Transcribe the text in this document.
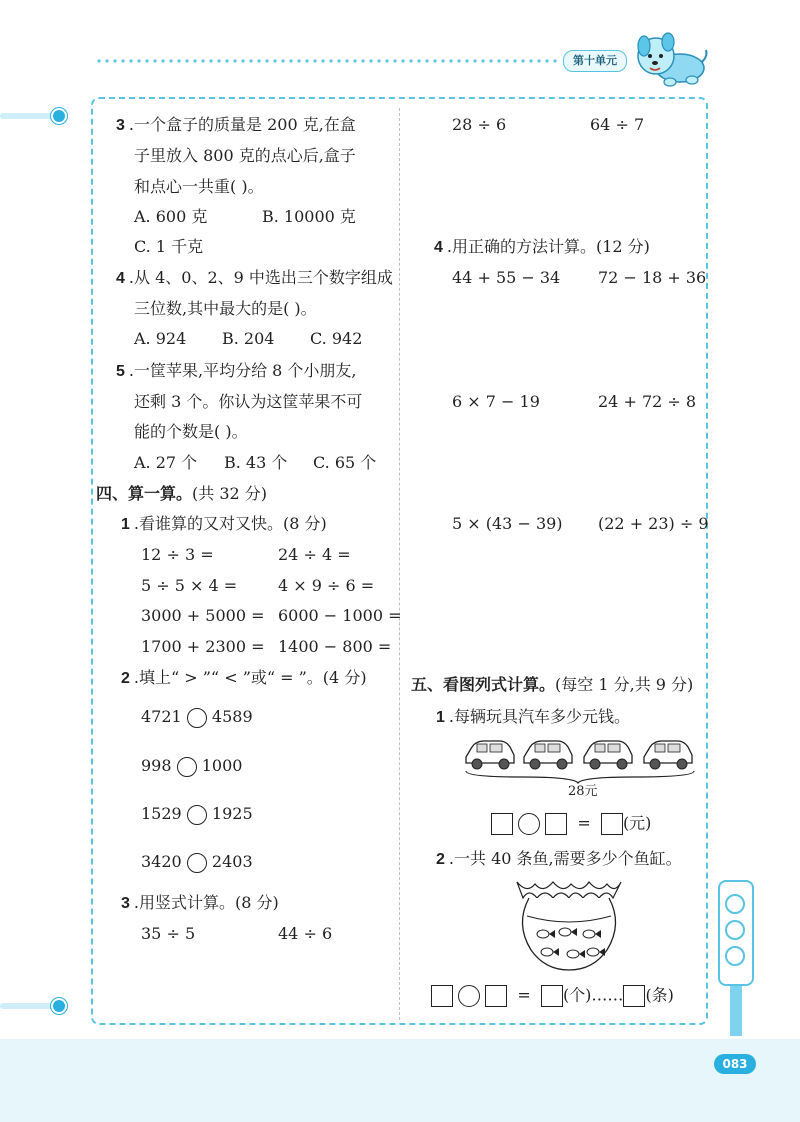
第十单元
3 .一个盒子的质量是 200 克,在盒
子里放入 800 克的点心后,盒子
和点心一共重( )。
A. 600 克	B. 10000 克
C. 1 千克
4 .从 4、0、2、9 中选出三个数字组成
三位数,其中最大的是( )。
A. 924 B. 204 C. 942
5 .一筐苹果,平均分给 8 个小朋友,
还剩 3 个。你认为这筐苹果不可
能的个数是( )。
A. 27 个 B. 43 个 C. 65 个
四、算一算。(共 32 分)
1 .看谁算的又对又快。(8 分)
12 ÷ 3 =	24 ÷ 4 =
5 ÷ 5 × 4 =	4 × 9 ÷ 6 =
3000 + 5000 = 6000 − 1000 =
1700 + 2300 = 1400 − 800 =
2 .填上“ > ”“ < ”或“ = ”。(4 分)
4721 4589
998 1000
1529 1925
3420 2403
3 .用竖式计算。(8 分)
35 ÷ 5	44 ÷ 6
28 ÷ 6	64 ÷ 7
4 .用正确的方法计算。(12 分)
44 + 55 − 34 72 − 18 + 36
6 × 7 − 19	24 + 72 ÷ 8
5 × (43 − 39) (22 + 23) ÷ 9
五、看图列式计算。(每空 1 分,共 9 分)
1 .每辆玩具汽车多少元钱。
28元
= (元)
2 .一共 40 条鱼,需要多少个鱼缸。
= (个)…… (条)
083
